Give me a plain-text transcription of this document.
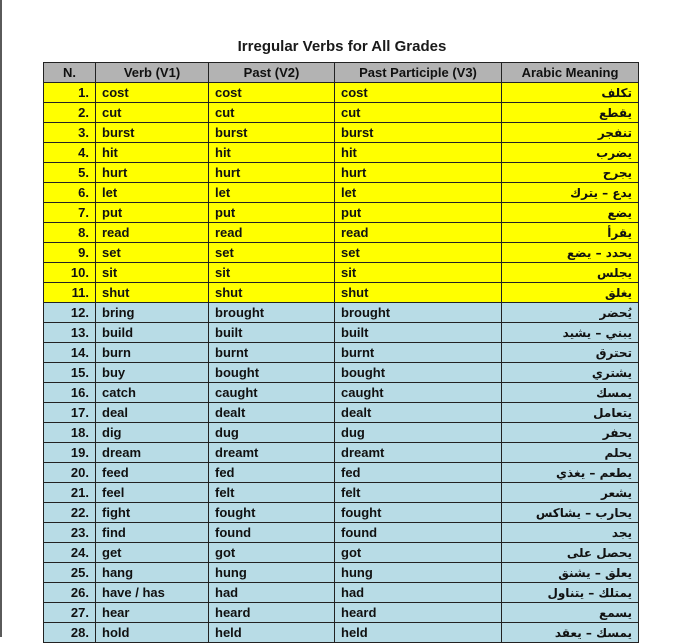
Irregular Verbs for All Grades
N.	Verb (V1)	Past (V2)	Past Participle (V3)	Arabic Meaning
1.	cost	cost	cost	تكلف
2.	cut	cut	cut	يقطع
3.	burst	burst	burst	تنفجر
4.	hit	hit	hit	يضرب
5.	hurt	hurt	hurt	يجرح
6.	let	let	let	يدع – يترك
7.	put	put	put	يضع
8.	read	read	read	يقرأ
9.	set	set	set	يحدد – يضع
10.	sit	sit	sit	يجلس
11.	shut	shut	shut	يغلق
12.	bring	brought	brought	يُحضر
13.	build	built	built	يبني – يشيد
14.	burn	burnt	burnt	تحترق
15.	buy	bought	bought	يشتري
16.	catch	caught	caught	يمسك
17.	deal	dealt	dealt	يتعامل
18.	dig	dug	dug	يحفر
19.	dream	dreamt	dreamt	يحلم
20.	feed	fed	fed	يطعم – يغذي
21.	feel	felt	felt	يشعر
22.	fight	fought	fought	يحارب – يشاكس
23.	find	found	found	يجد
24.	get	got	got	يحصل على
25.	hang	hung	hung	يعلق – يشنق
26.	have / has	had	had	يمتلك – يتناول
27.	hear	heard	heard	يسمع
28.	hold	held	held	يمسك – يعقد
